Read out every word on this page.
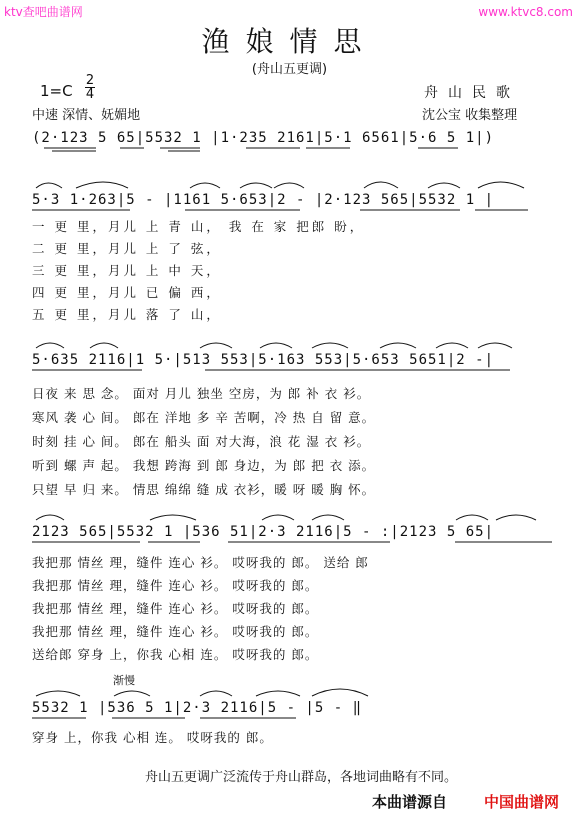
ktv查吧曲谱网	www.ktvc8.com
渔娘情思
(舟山五更调)
1=C
2
4	舟山民歌
中速 深情、妩媚地	沈公宝 收集整理
(2·123 5 65|5532 1 |1·235 2161|5·1 6561|5·6 5 1|)
5·3 1·263|5 - |1161 5·653|2 - |2·123 565|5532 1 |
一 更 里，月儿 上 青 山， 我 在 家 把郎 盼，
二 更 里，月儿 上 了 弦，
三 更 里，月儿 上 中 天，
四 更 里，月儿 已 偏 西，
五 更 里，月儿 落 了 山，
5·635 2116|1 5·|513 553|5·163 553|5·653 5651|2 -|
日夜 来 思 念。 面对 月儿 独坐 空房，为 郎 补 衣 衫。
寒风 袭 心 间。 郎在 洋地 多 辛 苦啊，冷 热 自 留 意。
时刻 挂 心 间。 郎在 船头 面 对大海，浪 花 湿 衣 衫。
听到 螺 声 起。 我想 跨海 到 郎 身边，为 郎 把 衣 添。
只望 早 归 来。 情思 绵绵 缝 成 衣衫，暖 呀 暖 胸 怀。
2123 565|5532 1 |536 51|2·3 2116|5 - :|2123 5 65|
我把那 情丝 理，缝件 连心 衫。 哎呀我的 郎。 送给 郎
我把那 情丝 理，缝件 连心 衫。 哎呀我的 郎。
我把那 情丝 理，缝件 连心 衫。 哎呀我的 郎。
我把那 情丝 理，缝件 连心 衫。 哎呀我的 郎。
送给郎 穿身 上，你我 心相 连。 哎呀我的 郎。
渐慢
5532 1 |536 5 1|2·3 2116|5 - |5 - ‖
穿身 上，你我 心相 连。 哎呀我的 郎。
舟山五更调广泛流传于舟山群岛，各地词曲略有不同。
本曲谱源自 中国曲谱网
